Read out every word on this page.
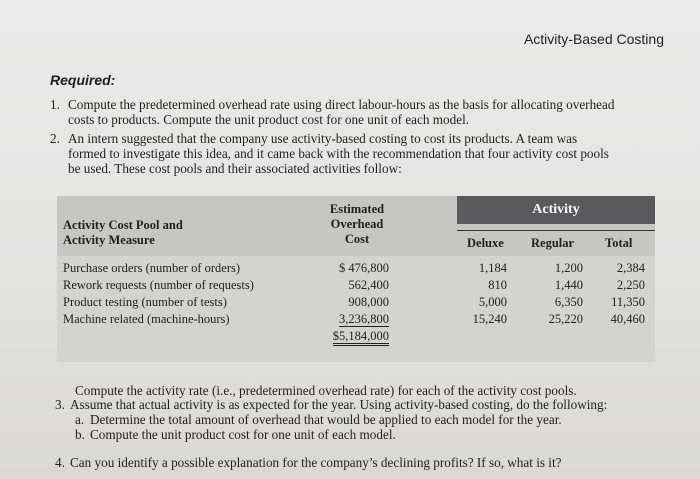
Activity-Based Costing
Required:
1. Compute the predetermined overhead rate using direct labour-hours as the basis for allocating overhead
costs to products. Compute the unit product cost for one unit of each model.
2. An intern suggested that the company use activity-based costing to cost its products. A team was
formed to investigate this idea, and it came back with the recommendation that four activity cost pools
be used. These cost pools and their associated activities follow:
Activity
Activity Cost Pool and
Activity Measure
Estimated
Overhead
Cost	Deluxe Regular Total
Purchase orders (number of orders)
Rework requests (number of requests)
Product testing (number of tests)
Machine related (machine-hours)
$ 476,800
562,400
908,000
3,236,800
$5,184,000
1,184
810
5,000
15,240
1,200
1,440
6,350
25,220
2,384
2,250
11,350
40,460
Compute the activity rate (i.e., predetermined overhead rate) for each of the activity cost pools.
3. Assume that actual activity is as expected for the year. Using activity-based costing, do the following:
a. Determine the total amount of overhead that would be applied to each model for the year.
b. Compute the unit product cost for one unit of each model.
4. Can you identify a possible explanation for the company’s declining profits? If so, what is it?
